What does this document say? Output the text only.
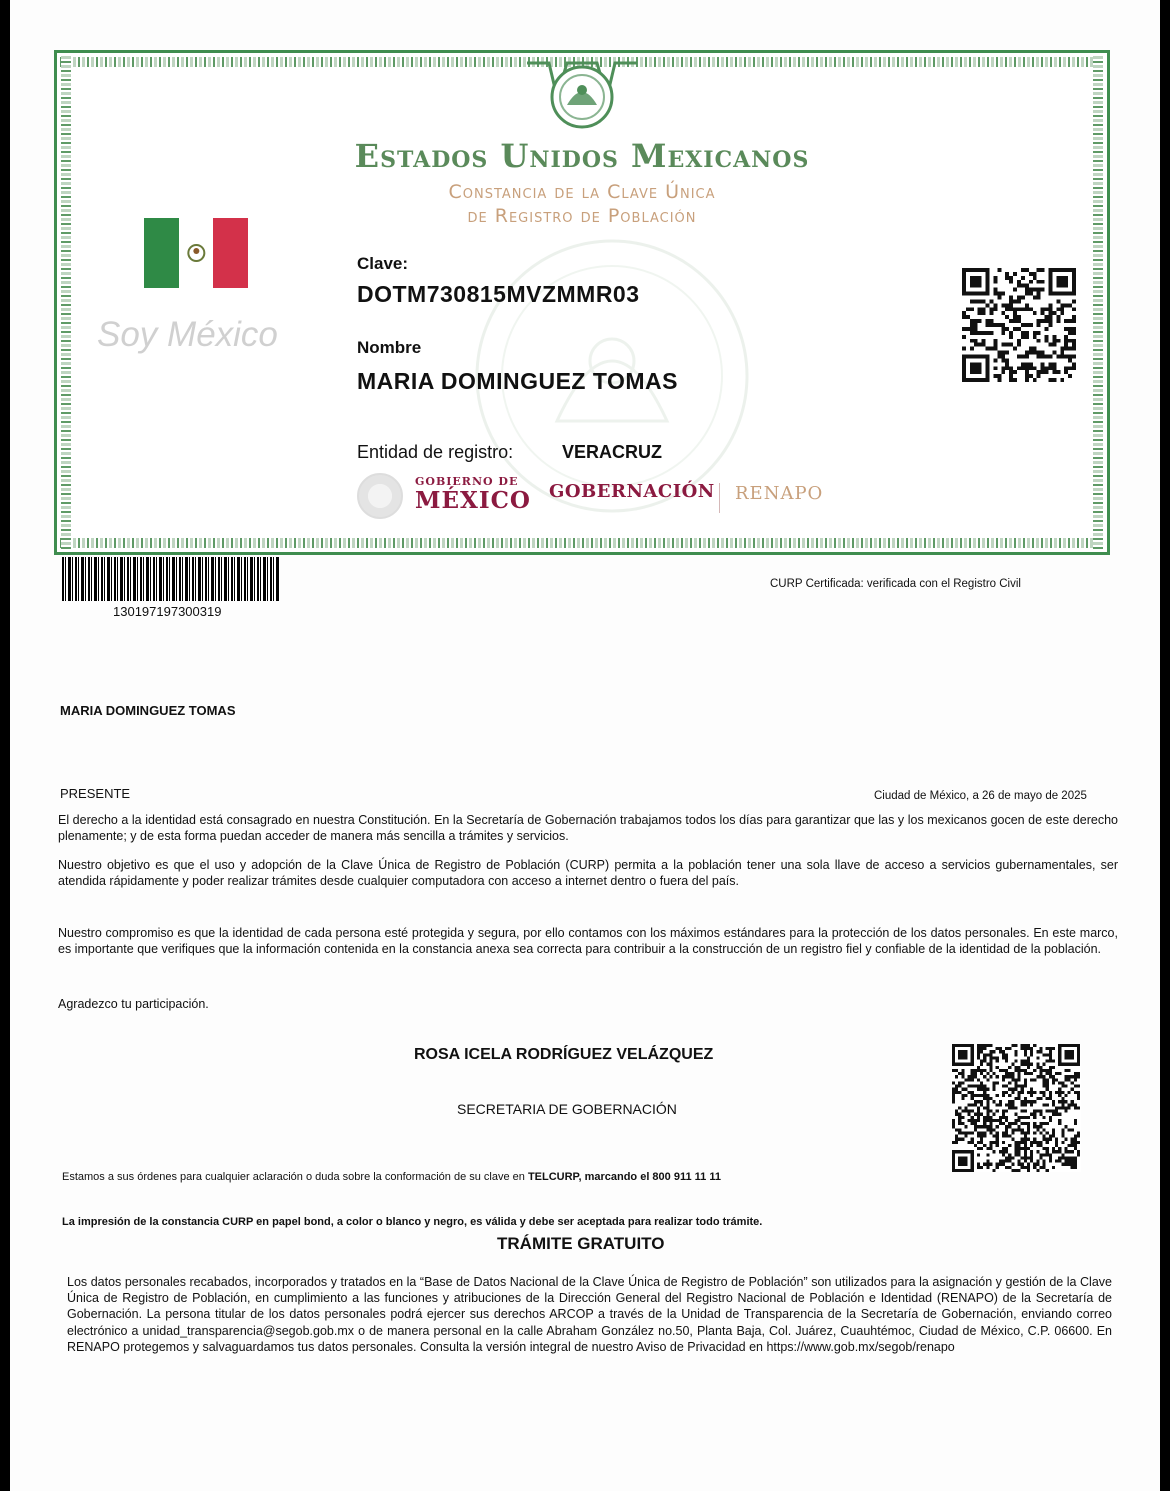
Estados Unidos Mexicanos
Constancia de la Clave Única
de Registro de Población
Soy México
Clave:
DOTM730815MVZMMR03
Nombre
MARIA DOMINGUEZ TOMAS
Entidad de registro:	VERACRUZ
GOBIERNO DE
MÉXICO GOBERNACIÓN RENAPO
130197197300319
CURP Certificada: verificada con el Registro Civil
MARIA DOMINGUEZ TOMAS
PRESENTE	Ciudad de México, a 26 de mayo de 2025
El derecho a la identidad está consagrado en nuestra Constitución. En la Secretaría de Gobernación trabajamos todos los días para garantizar que las y los mexicanos gocen de este derecho plenamente; y de esta forma puedan acceder de manera más sencilla a trámites y servicios.
Nuestro objetivo es que el uso y adopción de la Clave Única de Registro de Población (CURP) permita a la población tener una sola llave de acceso a servicios gubernamentales, ser atendida rápidamente y poder realizar trámites desde cualquier computadora con acceso a internet dentro o fuera del país.
Nuestro compromiso es que la identidad de cada persona esté protegida y segura, por ello contamos con los máximos estándares para la protección de los datos personales. En este marco, es importante que verifiques que la información contenida en la constancia anexa sea correcta para contribuir a la construcción de un registro fiel y confiable de la identidad de la población.
Agradezco tu participación.
ROSA ICELA RODRÍGUEZ VELÁZQUEZ
SECRETARIA DE GOBERNACIÓN
Estamos a sus órdenes para cualquier aclaración o duda sobre la conformación de su clave en TELCURP, marcando el 800 911 11 11
La impresión de la constancia CURP en papel bond, a color o blanco y negro, es válida y debe ser aceptada para realizar todo trámite.
TRÁMITE GRATUITO
Los datos personales recabados, incorporados y tratados en la “Base de Datos Nacional de la Clave Única de Registro de Población” son utilizados para la asignación y gestión de la Clave Única de Registro de Población, en cumplimiento a las funciones y atribuciones de la Dirección General del Registro Nacional de Población e Identidad (RENAPO) de la Secretaría de Gobernación. La persona titular de los datos personales podrá ejercer sus derechos ARCOP a través de la Unidad de Transparencia de la Secretaría de Gobernación, enviando correo electrónico a unidad_transparencia@segob.gob.mx o de manera personal en la calle Abraham González no.50, Planta Baja, Col. Juárez, Cuauhtémoc, Ciudad de México, C.P. 06600. En RENAPO protegemos y salvaguardamos tus datos personales. Consulta la versión integral de nuestro Aviso de Privacidad en https://www.gob.mx/segob/renapo
